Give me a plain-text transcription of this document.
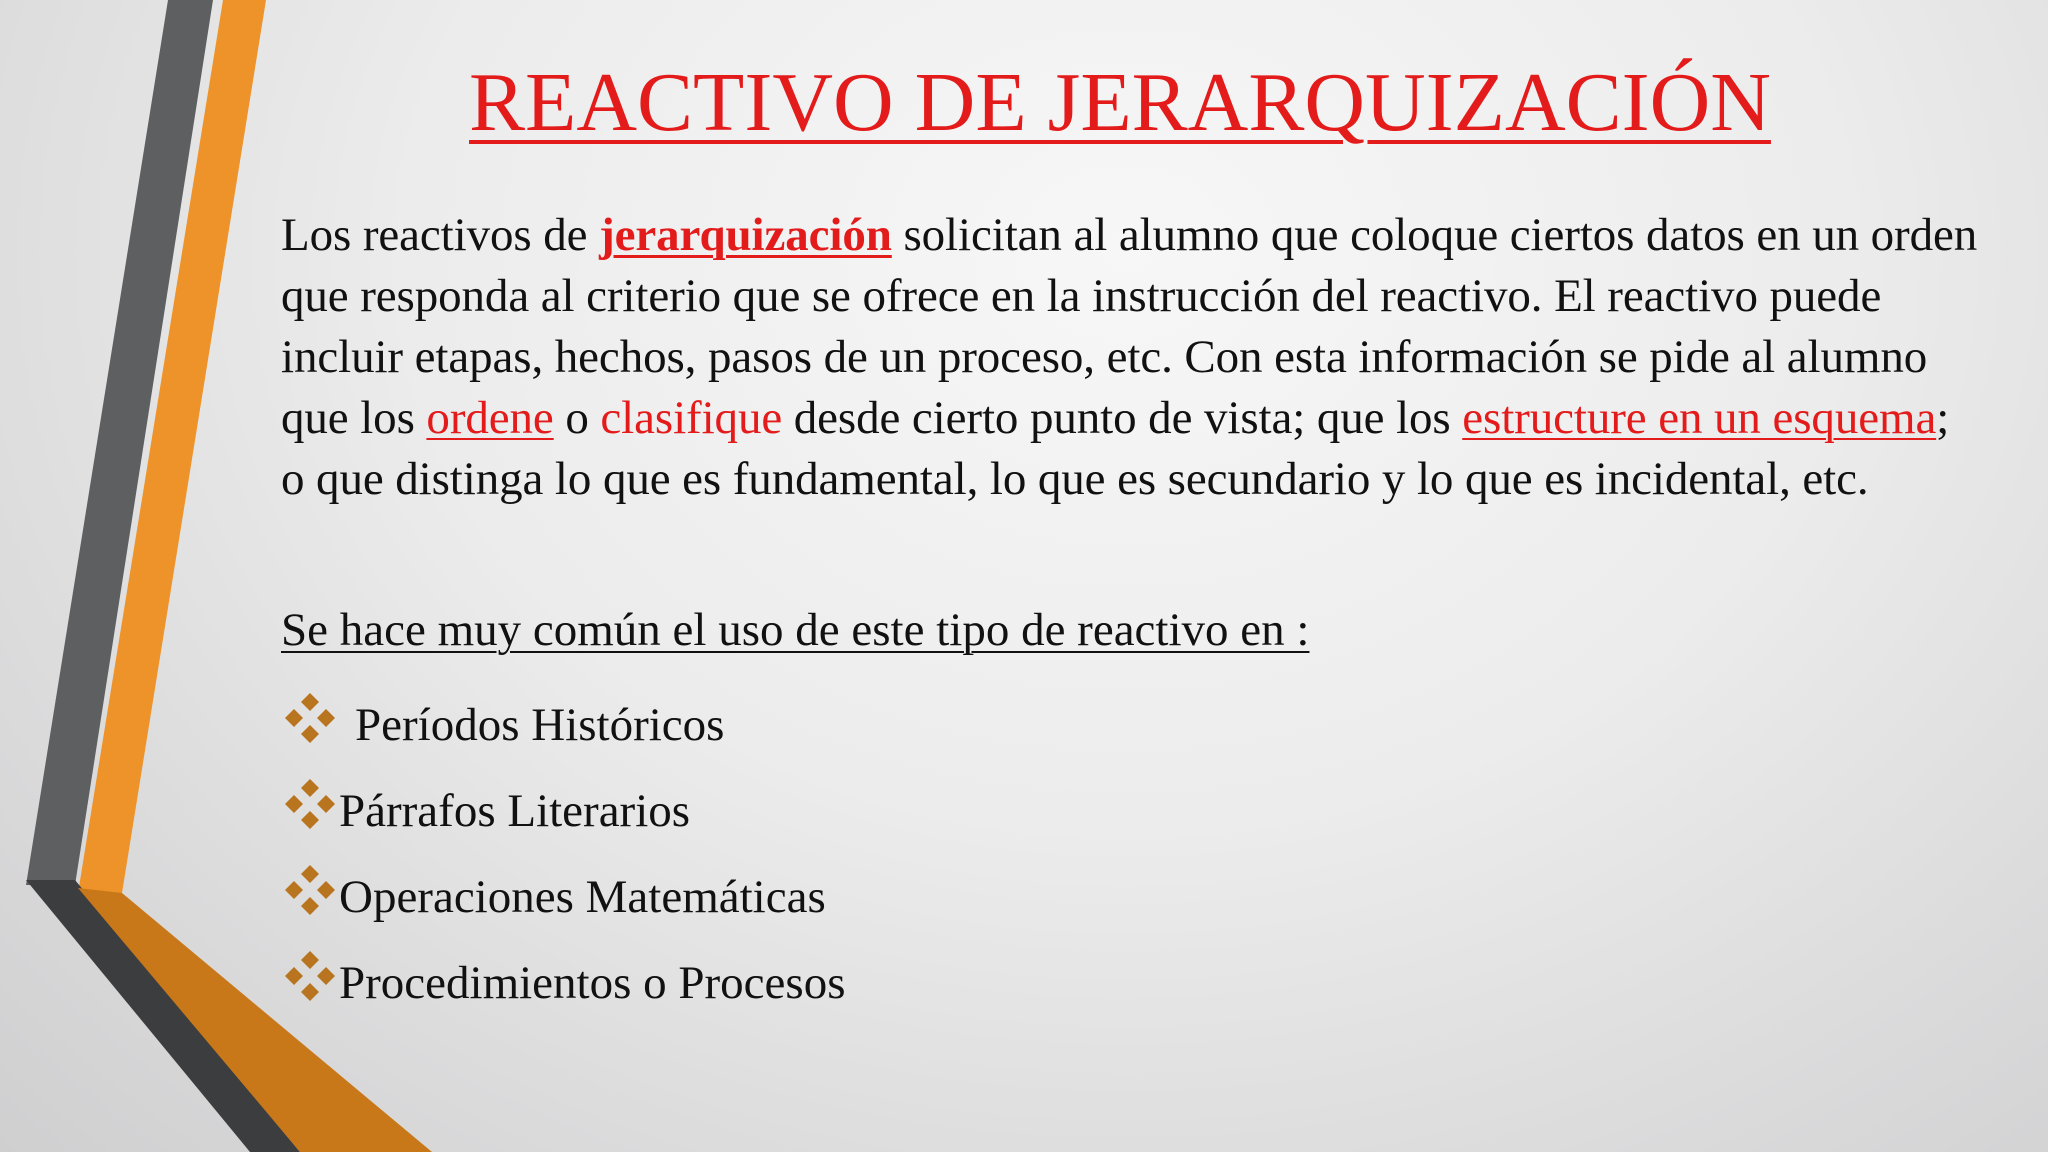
REACTIVO DE JERARQUIZACIÓN

Los reactivos de jerarquización solicitan al alumno que coloque ciertos datos en un orden que responda al criterio que se ofrece en la instrucción del reactivo. El reactivo puede incluir etapas, hechos, pasos de un proceso, etc. Con esta información se pide al alumno que los ordene o clasifique desde cierto punto de vista; que los estructure en un esquema; o que distinga lo que es fundamental, lo que es secundario y lo que es incidental, etc.

Se hace muy común el uso de este tipo de reactivo en :

Períodos Históricos
Párrafos Literarios
Operaciones Matemáticas
Procedimientos o Procesos
